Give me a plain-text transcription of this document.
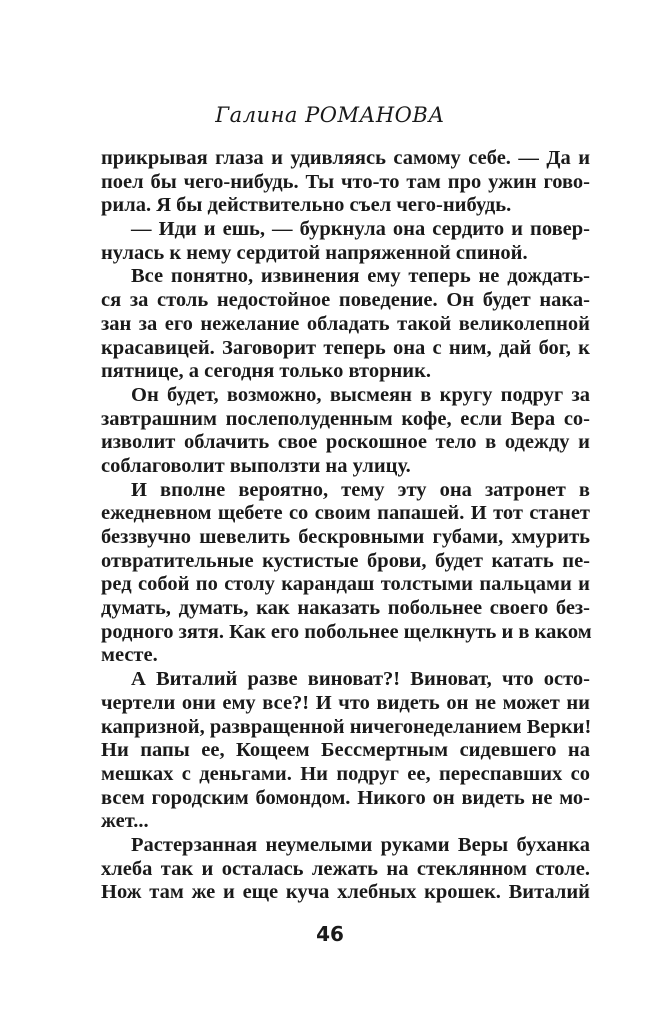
Галина РОМАНОВА
прикрывая глаза и удивляясь самому себе. — Да и
поел бы чего-нибудь. Ты что-то там про ужин гово-
рила. Я бы действительно съел чего-нибудь.
— Иди и ешь, — буркнула она сердито и повер-
нулась к нему сердитой напряженной спиной.
Все понятно, извинения ему теперь не дождать-
ся за столь недостойное поведение. Он будет нака-
зан за его нежелание обладать такой великолепной
красавицей. Заговорит теперь она с ним, дай бог, к
пятнице, а сегодня только вторник.
Он будет, возможно, высмеян в кругу подруг за
завтрашним послеполуденным кофе, если Вера со-
изволит облачить свое роскошное тело в одежду и
соблаговолит выползти на улицу.
И вполне вероятно, тему эту она затронет в
ежедневном щебете со своим папашей. И тот станет
беззвучно шевелить бескровными губами, хмурить
отвратительные кустистые брови, будет катать пе-
ред собой по столу карандаш толстыми пальцами и
думать, думать, как наказать побольнее своего без-
родного зятя. Как его побольнее щелкнуть и в каком
месте.
А Виталий разве виноват?! Виноват, что осто-
чертели они ему все?! И что видеть он не может ни
капризной, развращенной ничегонеделанием Верки!
Ни папы ее, Кощеем Бессмертным сидевшего на
мешках с деньгами. Ни подруг ее, переспавших со
всем городским бомондом. Никого он видеть не мо-
жет...
Растерзанная неумелыми руками Веры буханка
хлеба так и осталась лежать на стеклянном столе.
Нож там же и еще куча хлебных крошек. Виталий
46
